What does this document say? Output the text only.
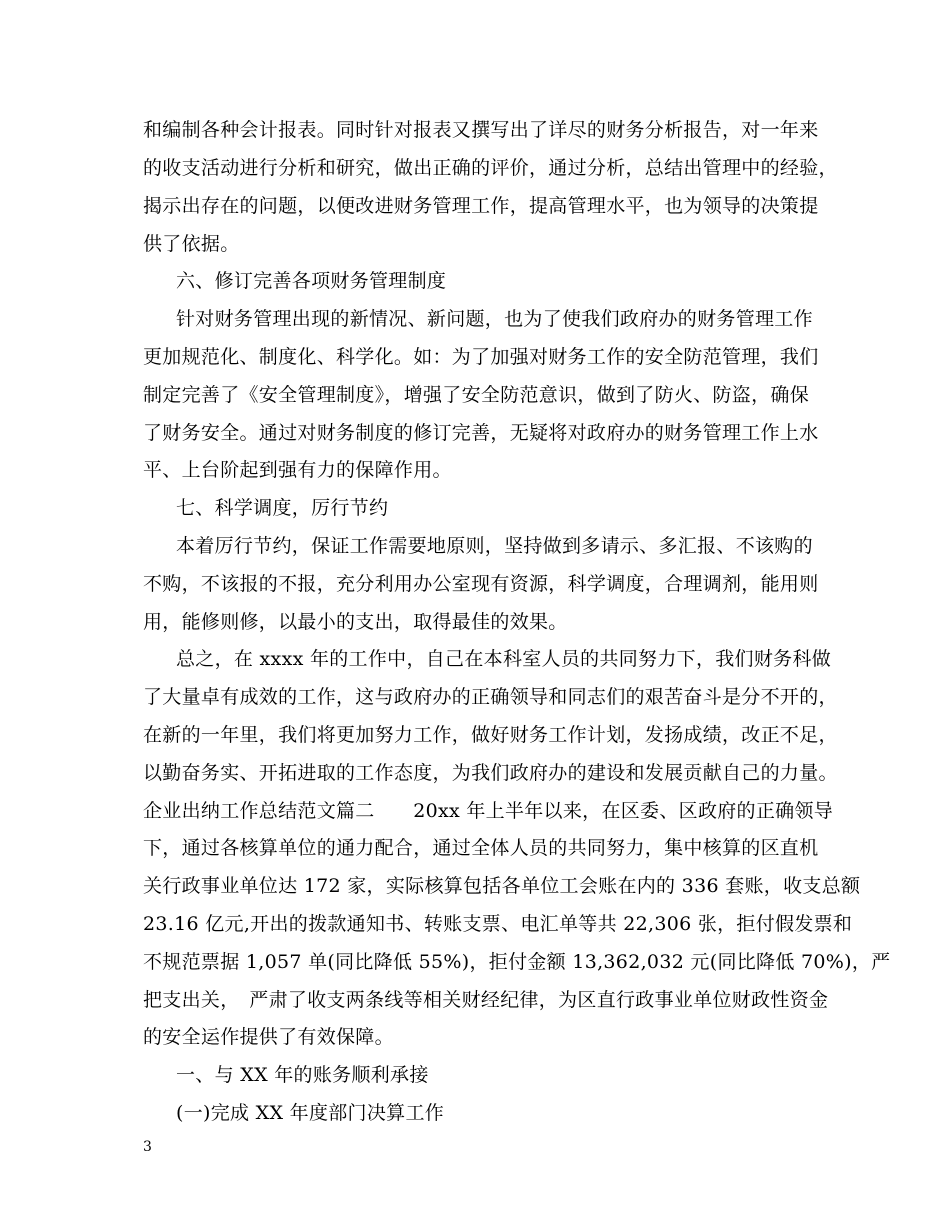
和编制各种会计报表。同时针对报表又撰写出了详尽的财务分析报告，对一年来
的收支活动进行分析和研究，做出正确的评价，通过分析，总结出管理中的经验，
揭示出存在的问题，以便改进财务管理工作，提高管理水平，也为领导的决策提
供了依据。
六、修订完善各项财务管理制度
针对财务管理出现的新情况、新问题，也为了使我们政府办的财务管理工作
更加规范化、制度化、科学化。如：为了加强对财务工作的安全防范管理，我们
制定完善了《安全管理制度》，增强了安全防范意识，做到了防火、防盗，确保
了财务安全。通过对财务制度的修订完善，无疑将对政府办的财务管理工作上水
平、上台阶起到强有力的保障作用。
七、科学调度，厉行节约
本着厉行节约，保证工作需要地原则，坚持做到多请示、多汇报、不该购的
不购，不该报的不报，充分利用办公室现有资源，科学调度，合理调剂，能用则
用，能修则修，以最小的支出，取得最佳的效果。
总之，在 xxxx 年的工作中，自己在本科室人员的共同努力下，我们财务科做
了大量卓有成效的工作，这与政府办的正确领导和同志们的艰苦奋斗是分不开的，
在新的一年里，我们将更加努力工作，做好财务工作计划，发扬成绩，改正不足，
以勤奋务实、开拓进取的工作态度，为我们政府办的建设和发展贡献自己的力量。
企业出纳工作总结范文篇二　　20xx 年上半年以来，在区委、区政府的正确领导
下，通过各核算单位的通力配合，通过全体人员的共同努力，集中核算的区直机
关行政事业单位达 172 家，实际核算包括各单位工会账在内的 336 套账，收支总额
23.16 亿元,开出的拨款通知书、转账支票、电汇单等共 22,306 张，拒付假发票和
不规范票据 1,057 单(同比降低 55%)，拒付金额 13,362,032 元(同比降低 70%)，严
把支出关，　严肃了收支两条线等相关财经纪律，为区直行政事业单位财政性资金
的安全运作提供了有效保障。
一、与 XX 年的账务顺利承接
(一)完成 XX 年度部门决算工作
3
